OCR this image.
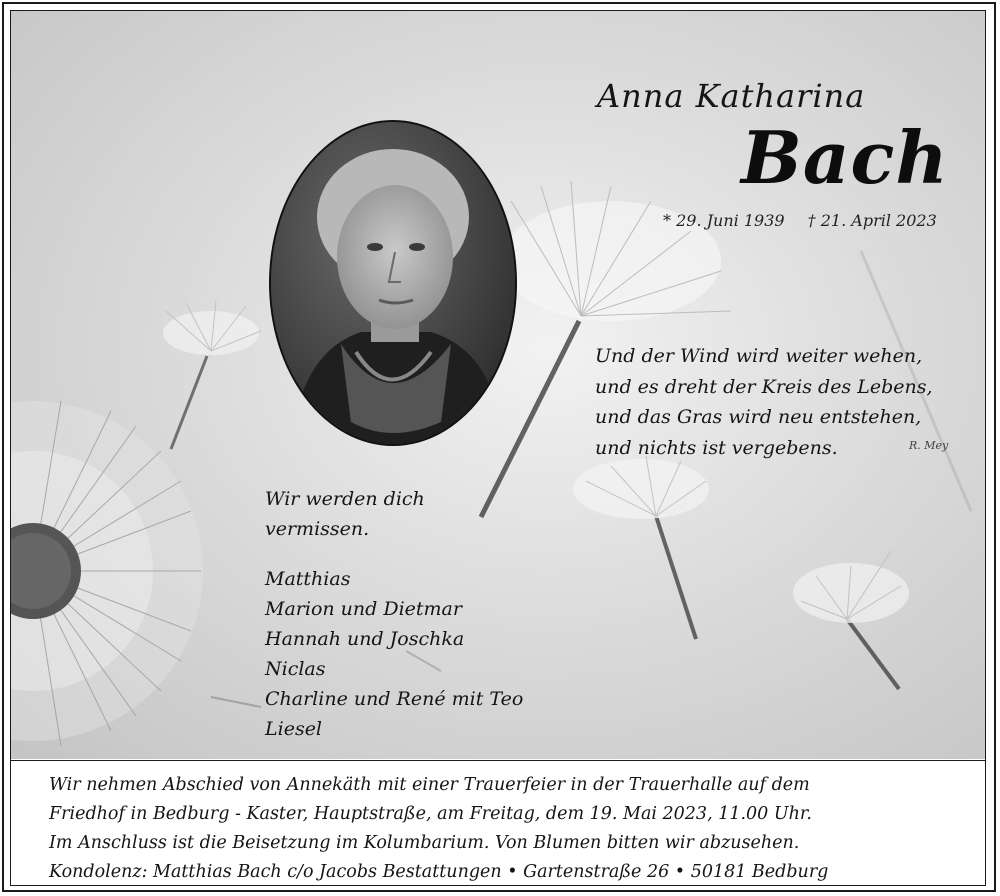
Anna Katharina
Bach
* 29. Juni 1939 † 21. April 2023
Und der Wind wird weiter wehen,
und es dreht der Kreis des Lebens,
und das Gras wird neu entstehen,
und nichts ist vergebens.	R. Mey
Wir werden dich
vermissen.
Matthias
Marion und Dietmar
Hannah und Joschka
Niclas
Charline und René mit Teo
Liesel
Wir nehmen Abschied von Annekäth mit einer Trauerfeier in der Trauerhalle auf dem
Friedhof in Bedburg - Kaster, Hauptstraße, am Freitag, dem 19. Mai 2023, 11.00 Uhr.
Im Anschluss ist die Beisetzung im Kolumbarium. Von Blumen bitten wir abzusehen.
Kondolenz: Matthias Bach c/o Jacobs Bestattungen • Gartenstraße 26 • 50181 Bedburg
